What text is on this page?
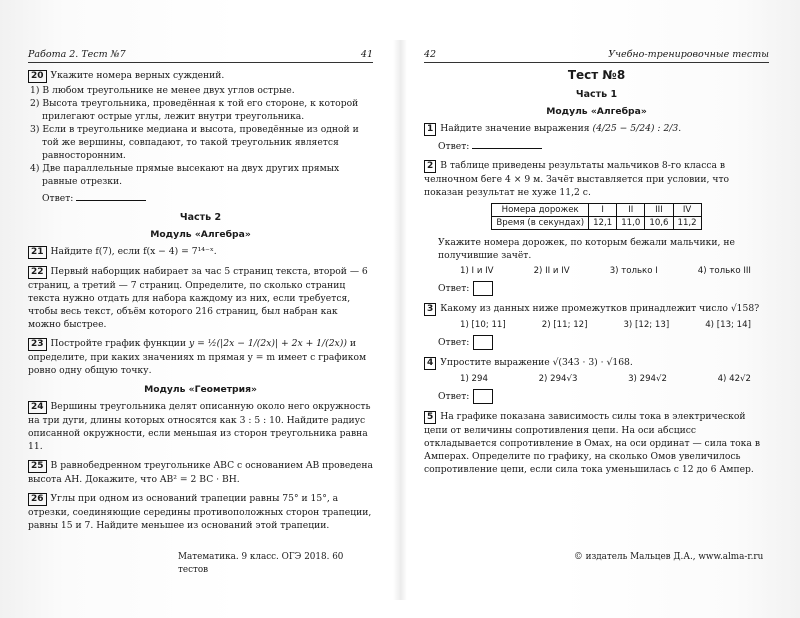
Работа 2. Тест №7	41

20 Укажите номера верных суждений.

1) В любом треугольнике не менее двух углов острые.

2) Высота треугольника, проведённая к той его стороне, к которой прилегают острые углы, лежит внутри треугольника.

3) Если в треугольнике медиана и высота, проведённые из одной и той же вершины, совпадают, то такой треугольник является равносторонним.

4) Две параллельные прямые высекают на двух других прямых равные отрезки.

Ответ:

Часть 2
Модуль «Алгебра»

21 Найдите f(7), если f(x − 4) = 7¹⁴⁻ˣ.

22 Первый наборщик набирает за час 5 страниц текста, второй — 6 страниц, а третий — 7 страниц. Определите, по сколько страниц текста нужно отдать для набора каждому из них, если требуется, чтобы весь текст, объём которого 216 страниц, был набран как можно быстрее.

23 Постройте график функции y = ½(|2x − 1/(2x)| + 2x + 1/(2x)) и определите, при каких значениях m прямая y = m имеет с графиком ровно одну общую точку.

Модуль «Геометрия»

24 Вершины треугольника делят описанную около него окружность на три дуги, длины которых относятся как 3 : 5 : 10. Найдите радиус описанной окружности, если меньшая из сторон треугольника равна 11.

25 В равнобедренном треугольнике ABC с основанием AB проведена высота AH. Докажите, что AB² = 2 BC · BH.

26 Углы при одном из оснований трапеции равны 75° и 15°, а отрезки, соединяющие середины противоположных сторон трапеции, равны 15 и 7. Найдите меньшее из оснований этой трапеции.

Математика. 9 класс. ОГЭ 2018. 60 тестов
42	Учебно-тренировочные тесты
Тест №8
Часть 1
Модуль «Алгебра»

1 Найдите значение выражения (4/25 − 5/24) : 2/3.

Ответ:

2 В таблице приведены результаты мальчиков 8-го класса в челночном беге 4 × 9 м. Зачёт выставляется при условии, что показан результат не хуже 11,2 с.

Номера дорожек	I	II	III	IV
Время (в секундах)	12,1	11,0	10,6	11,2

Укажите номера дорожек, по которым бежали мальчики, не получившие зачёт.

1) I и IV	2) II и IV	3) только I	4) только III

Ответ:

3 Какому из данных ниже промежутков принадлежит число √158?

1) [10; 11]	2) [11; 12]	3) [12; 13]	4) [13; 14]

Ответ:

4 Упростите выражение √(343 · 3) · √168.

1) 294	2) 294√3	3) 294√2	4) 42√2

Ответ:

5 На графике показана зависимость силы тока в электрической цепи от величины сопротивления цепи. На оси абсцисс откладывается сопротивление в Омах, на оси ординат — сила тока в Амперах. Определите по графику, на сколько Омов увеличилось сопротивление цепи, если сила тока уменьшилась с 12 до 6 Ампер.

© издатель Мальцев Д.А., www.alma-r.ru
